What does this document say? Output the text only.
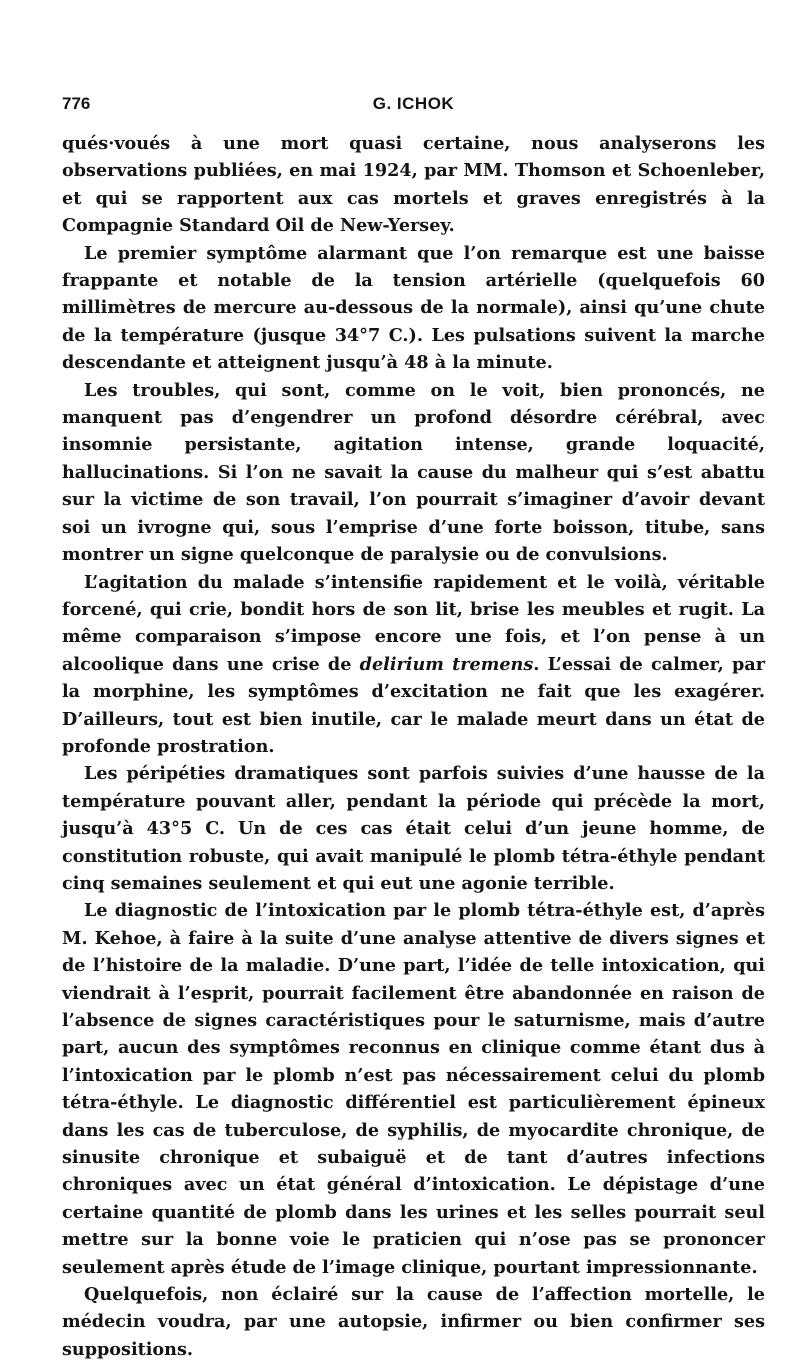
776	G. ICHOK

qués·voués à une mort quasi certaine, nous analyserons les observations publiées, en mai 1924, par MM. Thomson et Schoenleber, et qui se rapportent aux cas mortels et graves enregistrés à la Compagnie Standard Oil de New-Yersey.

Le premier symptôme alarmant que l’on remarque est une baisse frappante et notable de la tension artérielle (quelquefois 60 millimètres de mercure au-dessous de la normale), ainsi qu’une chute de la température (jusque 34°7 C.). Les pulsations suivent la marche descendante et atteignent jusqu’à 48 à la minute.

Les troubles, qui sont, comme on le voit, bien prononcés, ne manquent pas d’engendrer un profond désordre cérébral, avec insomnie persistante, agitation intense, grande loquacité, hallucinations. Si l’on ne savait la cause du malheur qui s’est abattu sur la victime de son travail, l’on pourrait s’imaginer d’avoir devant soi un ivrogne qui, sous l’emprise d’une forte boisson, titube, sans montrer un signe quelconque de paralysie ou de convulsions.

L’agitation du malade s’intensifie rapidement et le voilà, véritable forcené, qui crie, bondit hors de son lit, brise les meubles et rugit. La même comparaison s’impose encore une fois, et l’on pense à un alcoolique dans une crise de delirium tremens. L’essai de calmer, par la morphine, les symptômes d’excitation ne fait que les exagérer. D’ailleurs, tout est bien inutile, car le malade meurt dans un état de profonde prostration.

Les péripéties dramatiques sont parfois suivies d’une hausse de la température pouvant aller, pendant la période qui précède la mort, jusqu’à 43°5 C. Un de ces cas était celui d’un jeune homme, de constitution robuste, qui avait manipulé le plomb tétra-éthyle pendant cinq semaines seulement et qui eut une agonie terrible.

Le diagnostic de l’intoxication par le plomb tétra-éthyle est, d’après M. Kehoe, à faire à la suite d’une analyse attentive de divers signes et de l’histoire de la maladie. D’une part, l’idée de telle intoxication, qui viendrait à l’esprit, pourrait facilement être abandonnée en raison de l’absence de signes caractéristiques pour le saturnisme, mais d’autre part, aucun des symptômes reconnus en clinique comme étant dus à l’intoxication par le plomb n’est pas nécessairement celui du plomb tétra-éthyle. Le diagnostic différentiel est particulièrement épineux dans les cas de tuberculose, de syphilis, de myocardite chronique, de sinusite chronique et subaiguë et de tant d’autres infections chroniques avec un état général d’intoxication. Le dépistage d’une certaine quantité de plomb dans les urines et les selles pourrait seul mettre sur la bonne voie le praticien qui n’ose pas se prononcer seulement après étude de l’image clinique, pourtant impressionnante.

Quelquefois, non éclairé sur la cause de l’affection mortelle, le médecin voudra, par une autopsie, infirmer ou bien confirmer ses suppositions.
